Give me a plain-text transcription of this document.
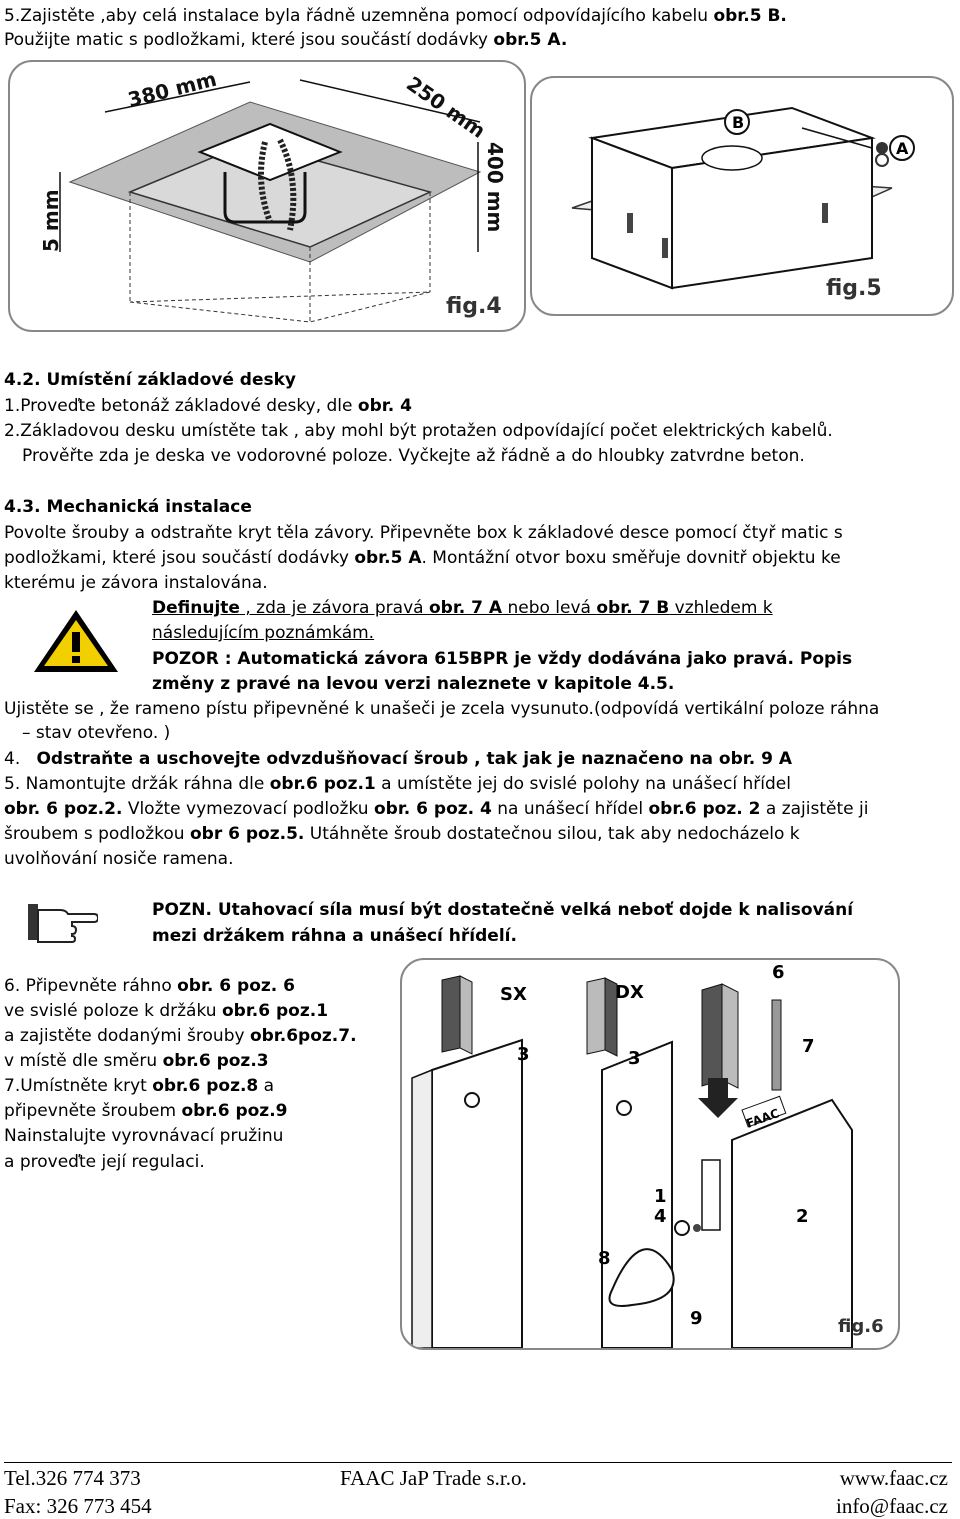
5.Zajistěte ,aby celá instalace byla řádně uzemněna pomocí odpovídajícího kabelu obr.5 B.
Použijte matic s podložkami, které jsou součástí dodávky obr.5 A.
380 mm	250 mm
400 mm
5 mm
fig.4
B
A
fig.5
4.2. Umístění základové desky
1.Proveďte betonáž základové desky, dle obr. 4
2.Základovou desku umístěte tak , aby mohl být protažen odpovídající počet elektrických kabelů.
Prověřte zda je deska ve vodorovné poloze. Vyčkejte až řádně a do hloubky zatvrdne beton.
4.3. Mechanická instalace
Povolte šrouby a odstraňte kryt těla závory. Připevněte box k základové desce pomocí čtyř matic s
podložkami, které jsou součástí dodávky obr.5 A. Montážní otvor boxu směřuje dovnitř objektu ke
kterému je závora instalována.
Definujte , zda je závora pravá obr. 7 A nebo levá obr. 7 B vzhledem k
následujícím poznámkám.
POZOR : Automatická závora 615BPR je vždy dodávána jako pravá. Popis
změny z pravé na levou verzi naleznete v kapitole 4.5.
Ujistěte se , že rameno pístu připevněné k unašeči je zcela vysunuto.(odpovídá vertikální poloze ráhna
– stav otevřeno. )
4. Odstraňte a uschovejte odvzdušňovací šroub , tak jak je naznačeno na obr. 9 A
5. Namontujte držák ráhna dle obr.6 poz.1 a umístěte jej do svislé polohy na unášecí hřídel
obr. 6 poz.2. Vložte vymezovací podložku obr. 6 poz. 4 na unášecí hřídel obr.6 poz. 2 a zajistěte ji
šroubem s podložkou obr 6 poz.5. Utáhněte šroub dostatečnou silou, tak aby nedocházelo k
uvolňování nosiče ramena.
POZN. Utahovací síla musí být dostatečně velká neboť dojde k nalisování
mezi držákem ráhna a unášecí hřídelí.
6. Připevněte ráhno obr. 6 poz. 6
ve svislé poloze k držáku obr.6 poz.1
a zajistěte dodanými šrouby obr.6poz.7.
v místě dle směru obr.6 poz.3
7.Umístněte kryt obr.6 poz.8 a
připevněte šroubem obr.6 poz.9
Nainstalujte vyrovnávací pružinu
a proveďte její regulaci.
FAAC
SX	DX
6
7
3	3
1
4	2
8
9	fig.6
Tel.326 774 373
Fax: 326 773 454
FAAC JaP Trade s.r.o.	www.faac.cz
info@faac.cz
